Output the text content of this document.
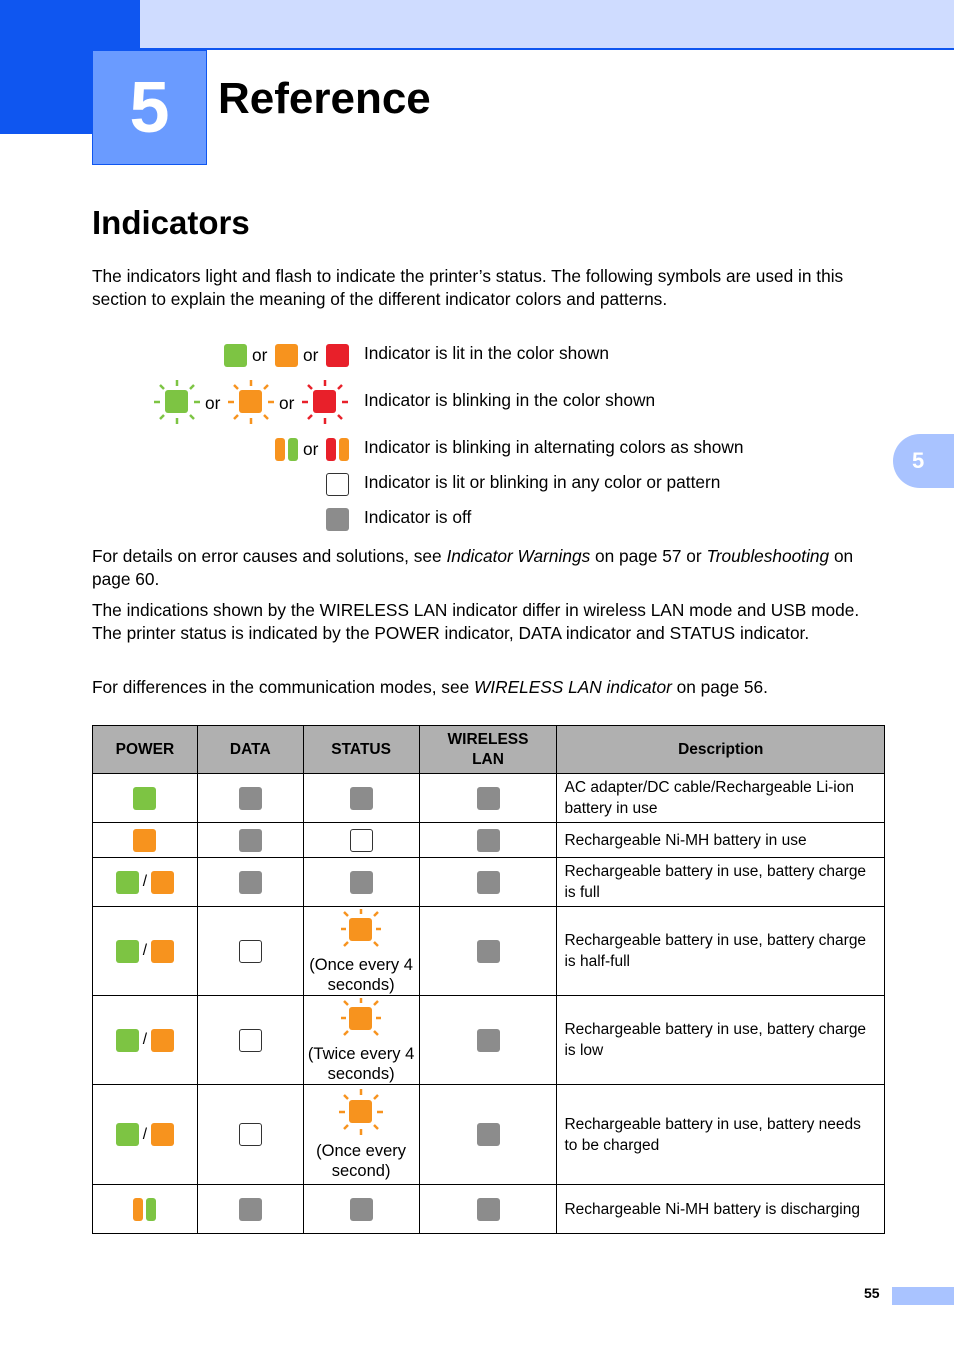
5	Reference
5
Indicators
The indicators light and flash to indicate the printer’s status. The following symbols are used in this section to explain the meaning of the different indicator colors and patterns.
or or	Indicator is lit in the color shown
or	or	Indicator is blinking in the color shown
or	Indicator is blinking in alternating colors as shown
Indicator is lit or blinking in any color or pattern
Indicator is off
For details on error causes and solutions, see Indicator Warnings on page 57 or Troubleshooting on page 60.
The indications shown by the WIRELESS LAN indicator differ in wireless LAN mode and USB mode. The printer status is indicated by the POWER indicator, DATA indicator and STATUS indicator.
For differences in the communication modes, see WIRELESS LAN indicator on page 56.
POWER	DATA	STATUS	WIRELESS LAN	Description
				AC adapter/DC cable/Rechargeable Li-ion battery in use
				Rechargeable Ni-MH battery in use
/				Rechargeable battery in use, battery charge is full
/		(Once every 4 seconds)		Rechargeable battery in use, battery charge is half-full
/		(Twice every 4 seconds)		Rechargeable battery in use, battery charge is low
/		(Once every second)		Rechargeable battery in use, battery needs to be charged

				Rechargeable Ni-MH battery is discharging
55
